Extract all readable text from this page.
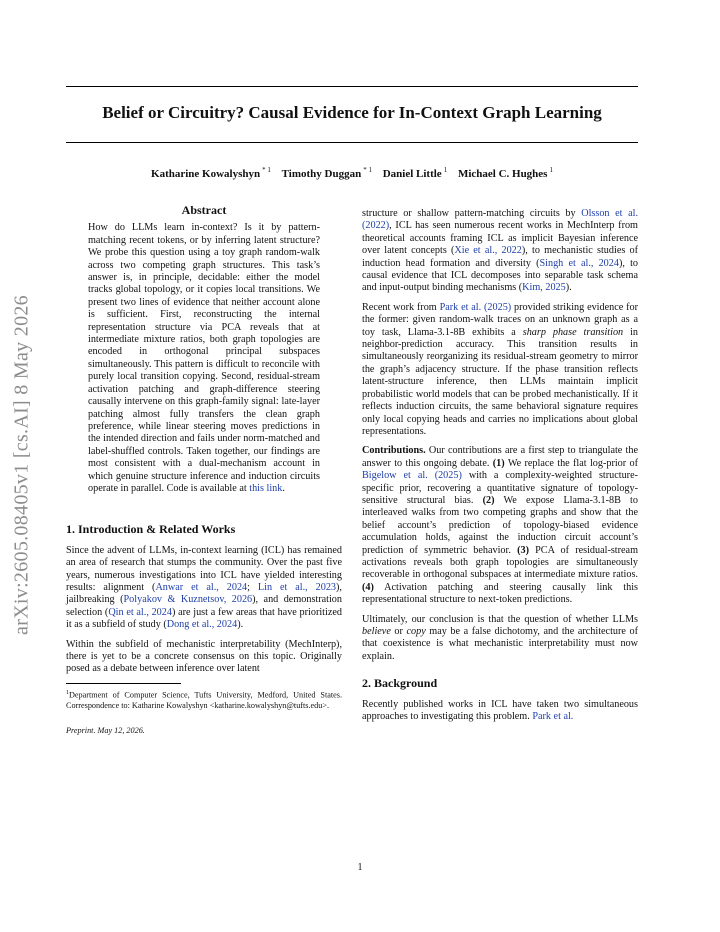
arXiv:2605.08405v1 [cs.AI] 8 May 2026
Belief or Circuitry? Causal Evidence for In-Context Graph Learning
Katharine Kowalyshyn $^{* 1}$ Timothy Duggan $^{* 1}$ Daniel Little $^1$ Michael C. Hughes $^1$
Abstract
How do LLMs learn in-context? Is it by pattern-matching recent tokens, or by inferring latent structure? We probe this question using a toy graph random-walk across two competing graph structures. This task’s answer is, in principle, decidable: either the model tracks global topology, or it copies local transitions. We present two lines of evidence that neither account alone is sufficient. First, reconstructing the internal representation structure via PCA reveals that at intermediate mixture ratios, both graph topologies are encoded in orthogonal principal subspaces simultaneously. This pattern is difficult to reconcile with purely local transition copying. Second, residual-stream activation patching and graph-difference steering causally intervene on this graph-family signal: late-layer patching almost fully transfers the clean graph preference, while linear steering moves predictions in the intended direction and fails under norm-matched and label-shuffled controls. Taken together, our findings are most consistent with a dual-mechanism account in which genuine structure inference and induction circuits operate in parallel. Code is available at this link.
1. Introduction & Related Works

Since the advent of LLMs, in-context learning (ICL) has remained an area of research that stumps the community. Over the past five years, numerous investigations into ICL have yielded interesting results: alignment (Anwar et al., 2024; Lin et al., 2023), jailbreaking (Polyakov & Kuznetsov, 2026), and demonstration selection (Qin et al., 2024) are just a few areas that have prioritized it as a subfield of study (Dong et al., 2024).

Within the subfield of mechanistic interpretability (MechInterp), there is yet to be a concrete consensus on this topic. Originally posed as a debate between inference over latent

$^1$Department of Computer Science, Tufts University, Medford, United States. Correspondence to: Katharine Kowalyshyn <katharine.kowalyshyn@tufts.edu>.
Preprint. May 12, 2026.

structure or shallow pattern-matching circuits by Olsson et al. (2022), ICL has seen numerous recent works in MechInterp from theoretical accounts framing ICL as implicit Bayesian inference over latent concepts (Xie et al., 2022), to mechanistic studies of induction head formation and diversity (Singh et al., 2024), to causal evidence that ICL decomposes into separable task schema and input-output binding mechanisms (Kim, 2025).

Recent work from Park et al. (2025) provided striking evidence for the former: given random-walk traces on an unknown graph as a toy task, Llama-3.1-8B exhibits a sharp phase transition in neighbor-prediction accuracy. This transition results in simultaneously reorganizing its residual-stream geometry to mirror the graph’s adjacency structure. If the phase transition reflects latent-structure inference, then LLMs maintain implicit probabilistic world models that can be probed mechanistically. If it reflects induction circuits, the same behavioral signature requires only local copying heads and carries no implications about global representations.

Contributions. Our contributions are a first step to triangulate the answer to this ongoing debate. (1) We replace the flat log-prior of Bigelow et al. (2025) with a complexity-weighted structure-specific prior, recovering a quantitative signature of topology-sensitive structural bias. (2) We expose Llama-3.1-8B to interleaved walks from two competing graphs and show that the belief account’s prediction of topology-biased evidence accumulation holds, against the induction circuit account’s prediction of symmetric behavior. (3) PCA of residual-stream activations reveals both graph topologies are simultaneously recoverable in orthogonal subspaces at intermediate mixture ratios. (4) Activation patching and steering causally link this representational structure to next-token predictions.

Ultimately, our conclusion is that the question of whether LLMs believe or copy may be a false dichotomy, and the architecture of that coexistence is what mechanistic interpretability must now explain.

2. Background

Recently published works in ICL have taken two simultaneous approaches to investigating this problem. Park et al.

1
